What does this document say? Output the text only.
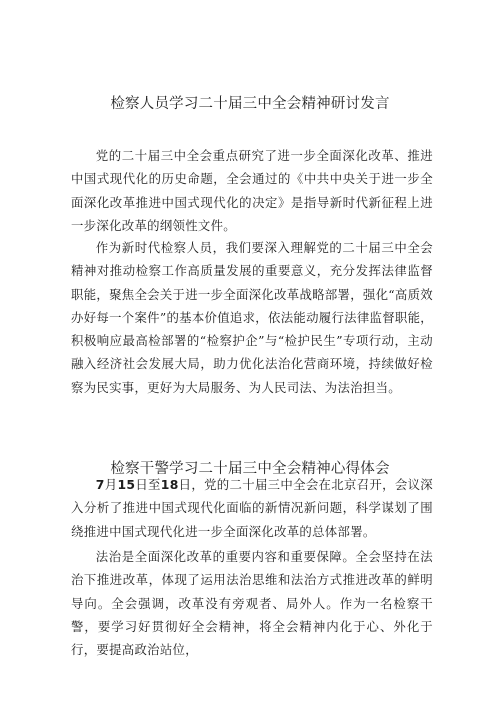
检察人员学习二十届三中全会精神研讨发言

党的二十届三中全会重点研究了进一步全面深化改革、推进中国式现代化的历史命题，全会通过的《中共中央关于进一步全面深化改革推进中国式现代化的决定》是指导新时代新征程上进一步深化改革的纲领性文件。

作为新时代检察人员，我们要深入理解党的二十届三中全会精神对推动检察工作高质量发展的重要意义，充分发挥法律监督职能，聚焦全会关于进一步全面深化改革战略部署，强化“高质效办好每一个案件”的基本价值追求，依法能动履行法律监督职能，积极响应最高检部署的“检察护企”与“检护民生”专项行动，主动融入经济社会发展大局，助力优化法治化营商环境，持续做好检察为民实事，更好为大局服务、为人民司法、为法治担当。

检察干警学习二十届三中全会精神心得体会

7月15日至18日，党的二十届三中全会在北京召开，会议深入分析了推进中国式现代化面临的新情况新问题，科学谋划了围绕推进中国式现代化进一步全面深化改革的总体部署。

法治是全面深化改革的重要内容和重要保障。全会坚持在法治下推进改革，体现了运用法治思维和法治方式推进改革的鲜明导向。全会强调，改革没有旁观者、局外人。作为一名检察干警，要学习好贯彻好全会精神，将全会精神内化于心、外化于行，要提高政治站位，
